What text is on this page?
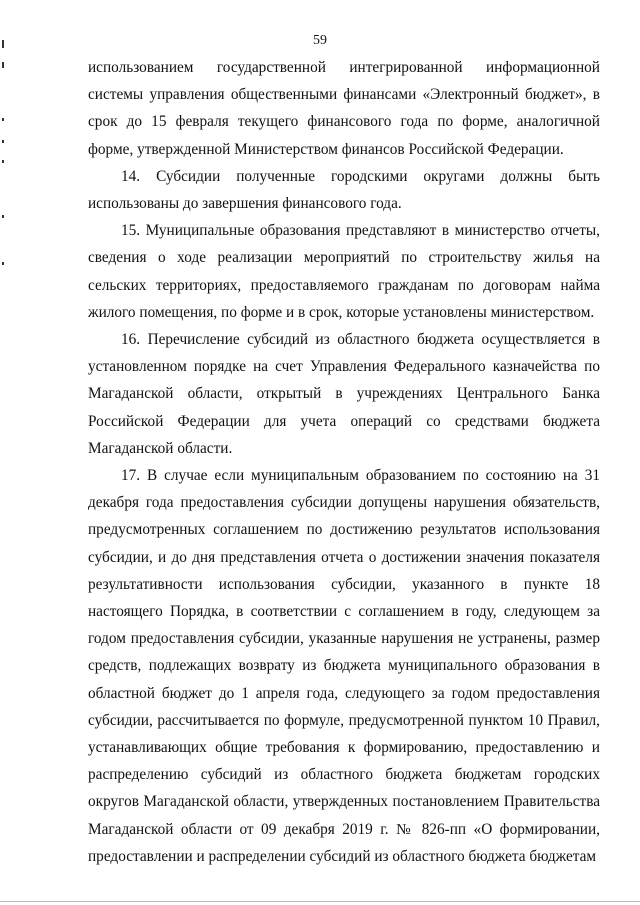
59

использованием государственной интегрированной информационной системы управления общественными финансами «Электронный бюджет», в срок до 15 февраля текущего финансового года по форме, аналогичной форме, утвержденной Министерством финансов Российской Федерации.

14. Субсидии полученные городскими округами должны быть использованы до завершения финансового года.

15. Муниципальные образования представляют в министерство отчеты, сведения о ходе реализации мероприятий по строительству жилья на сельских территориях, предоставляемого гражданам по договорам найма жилого помещения, по форме и в срок, которые установлены министерством.

16. Перечисление субсидий из областного бюджета осуществляется в установленном порядке на счет Управления Федерального казначейства по Магаданской области, открытый в учреждениях Центрального Банка Российской Федерации для учета операций со средствами бюджета Магаданской области.

17. В случае если муниципальным образованием по состоянию на 31 декабря года предоставления субсидии допущены нарушения обязательств, предусмотренных соглашением по достижению результатов использования субсидии, и до дня представления отчета о достижении значения показателя результативности использования субсидии, указанного в пункте 18 настоящего Порядка, в соответствии с соглашением в году, следующем за годом предоставления субсидии, указанные нарушения не устранены, размер средств, подлежащих возврату из бюджета муниципального образования в областной бюджет до 1 апреля года, следующего за годом предоставления субсидии, рассчитывается по формуле, предусмотренной пунктом 10 Правил, устанавливающих общие требования к формированию, предоставлению и распределению субсидий из областного бюджета бюджетам городских округов Магаданской области, утвержденных постановлением Правительства Магаданской области от 09 декабря 2019 г. № 826-пп «О формировании, предоставлении и распределении субсидий из областного бюджета бюджетам
